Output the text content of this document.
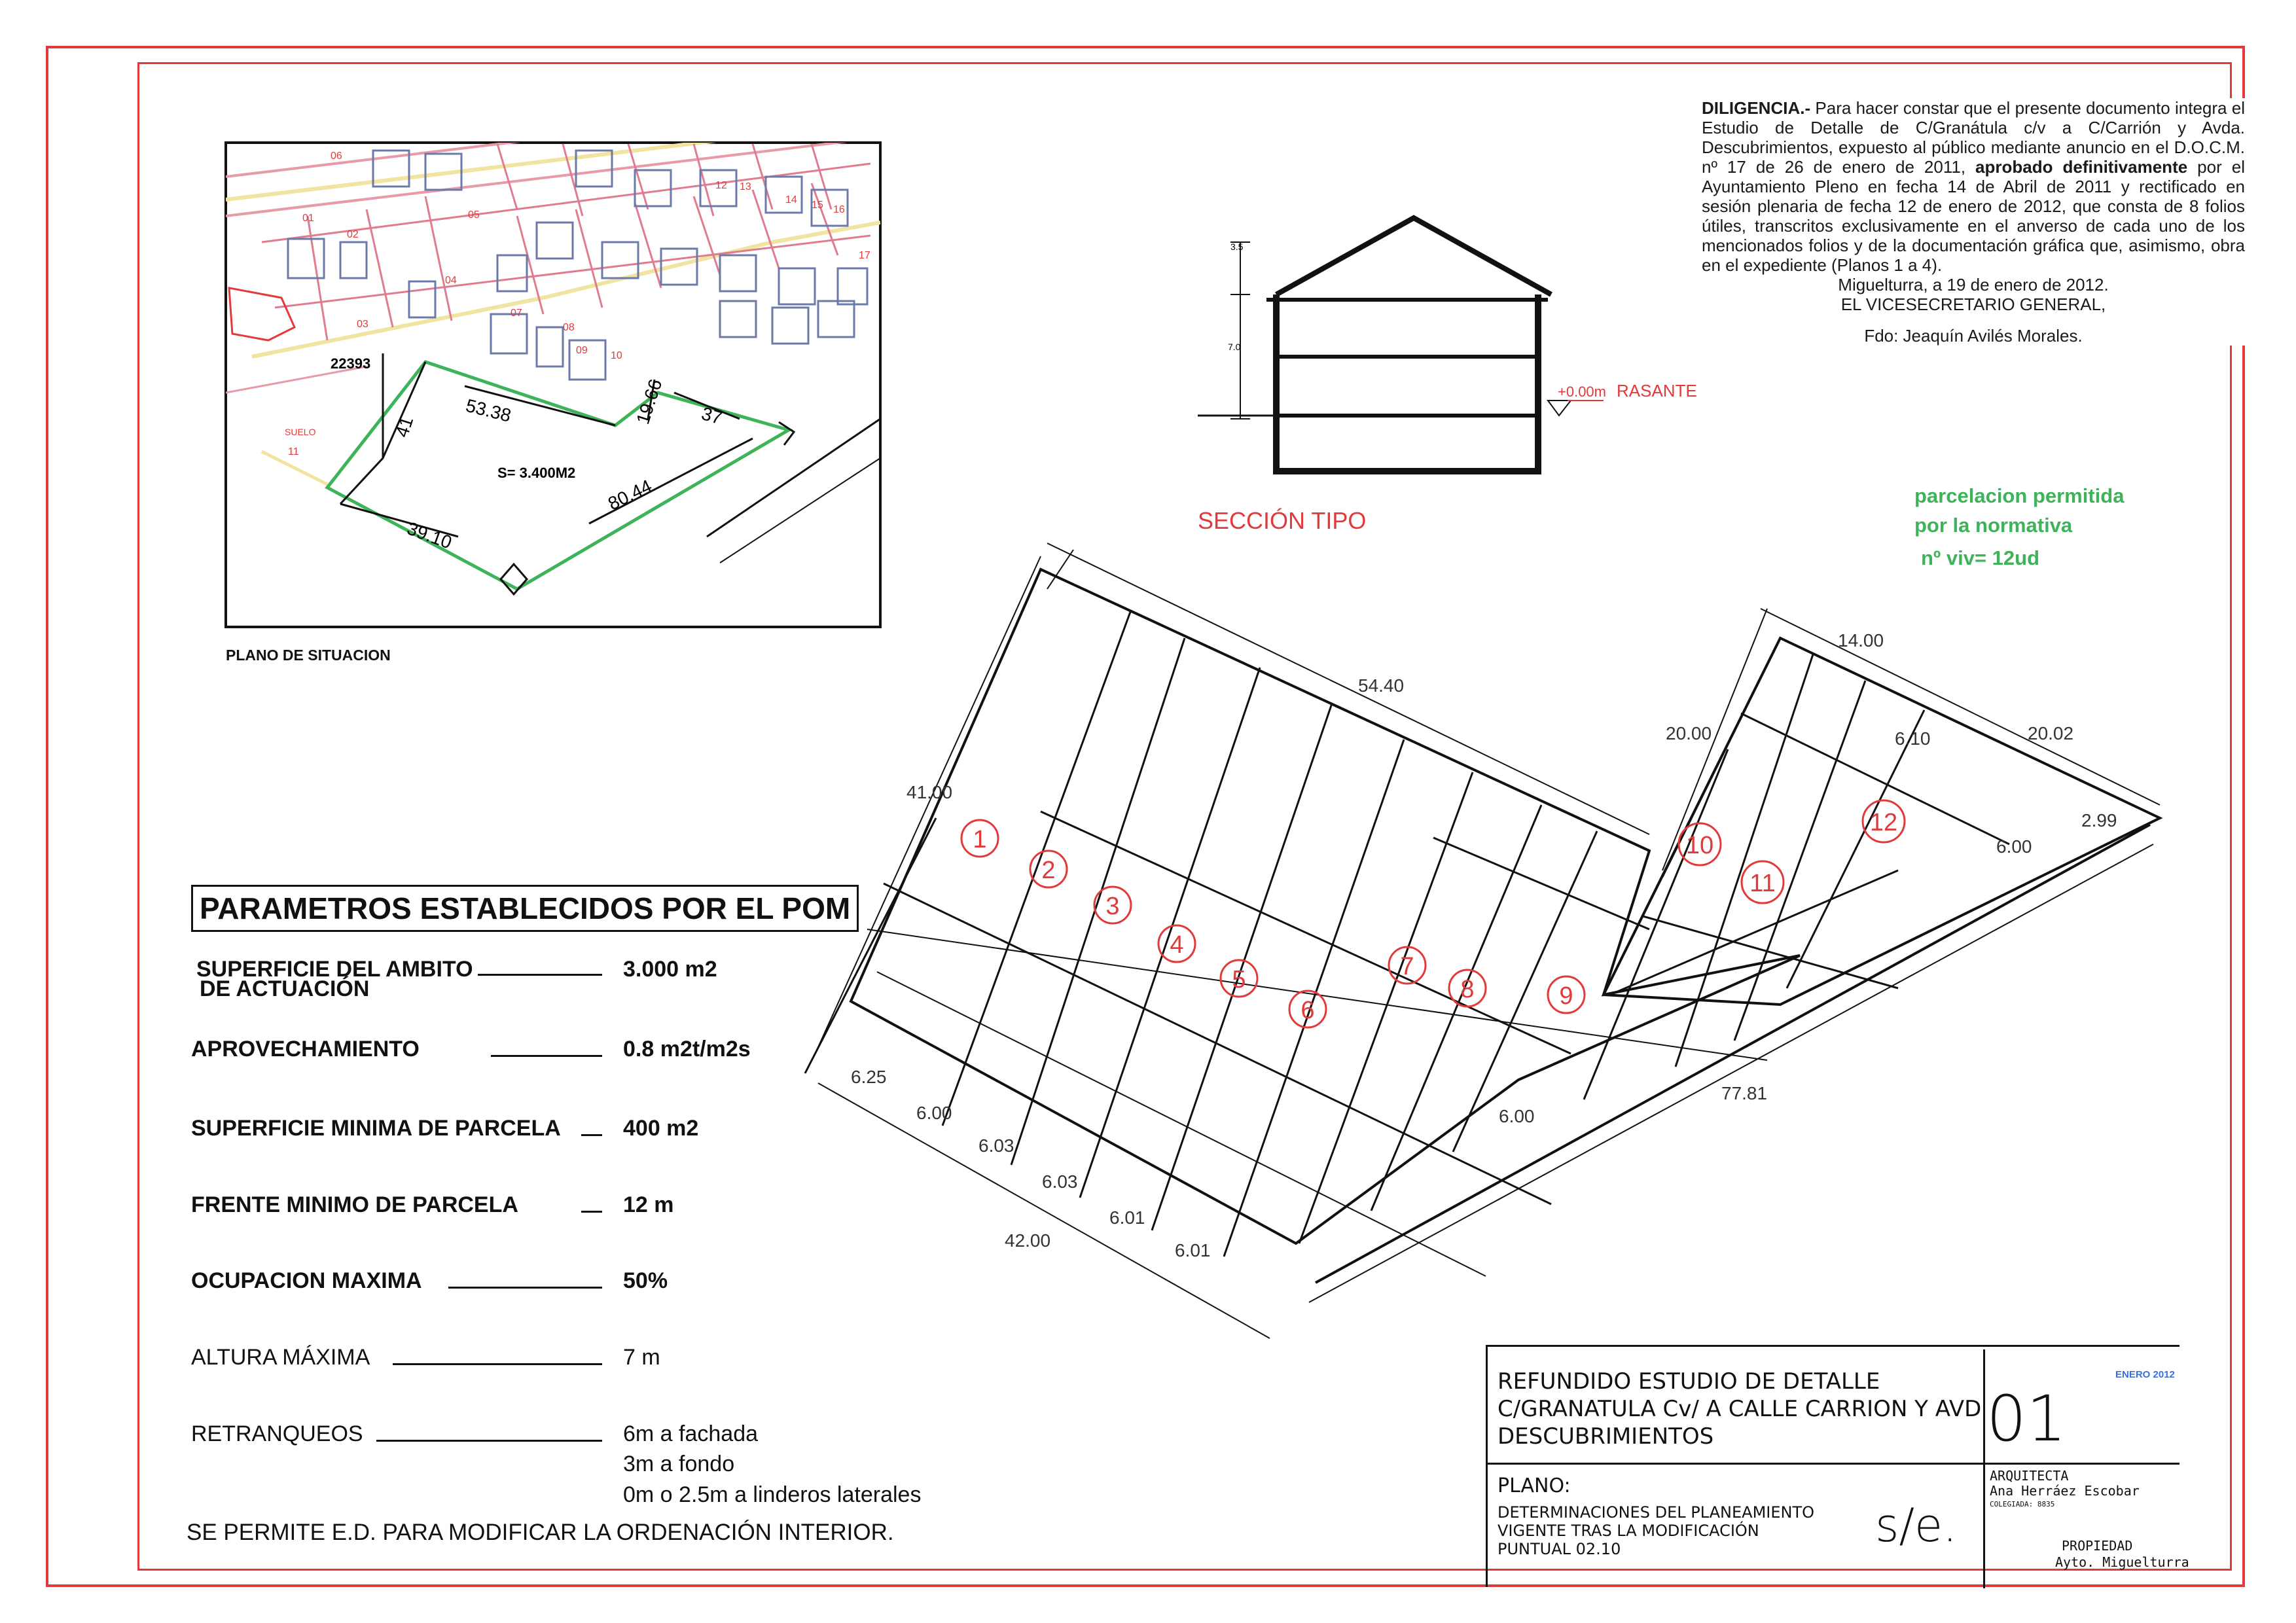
DILIGENCIA.- Para hacer constar que el presente documento integra el Estudio de Detalle de C/Granátula c/v a C/Carrión y Avda. Descubrimientos, expuesto al público mediante anuncio en el D.O.C.M. nº 17 de 26 de enero de 2011, aprobado definitivamente por el Ayuntamiento Pleno en fecha 14 de Abril de 2011 y rectificado en sesión plenaria de fecha 12 de enero de 2012, que consta de 8 folios útiles, transcritos exclusivamente en el anverso de cada uno de los mencionados folios y de la documentación gráfica que, asimismo, obra en el expediente (Planos 1 a 4).
Miguelturra, a 19 de enero de 2012.
EL VICESECRETARIO GENERAL,
Fdo: Jeaquín Avilés Morales.
22393
S= 3.400M2
53.38	19.66 37
41
39.10
80.44
06
05
01
02
03
04
07
08
09 10
12 13
14 15 16
17
11
SUELO
3.5
7.0
+0.00m RASANTE
1
2
3
4
5
6
7
8	9
10
11
12
54.40
41.00
42.00
77.81
6.25
6.00
6.03
6.03
6.01
6.01
6.00
20.00
14.00
6.10	20.02
2.99
6.00
PLANO DE SITUACION
SECCIÓN TIPO
parcelacion permitida
por la normativa
nº viv= 12ud
PARAMETROS ESTABLECIDOS POR EL POM
SUPERFICIE DEL AMBITO
DE ACTUACIÓN
3.000 m2
APROVECHAMIENTO	0.8 m2t/m2s
SUPERFICIE MINIMA DE PARCELA	400 m2
FRENTE MINIMO DE PARCELA	12 m
OCUPACION MAXIMA	50%
ALTURA MÁXIMA	7 m
RETRANQUEOS	6m a fachada
3m a fondo
0m o 2.5m a linderos laterales
SE PERMITE E.D. PARA MODIFICAR LA ORDENACIÓN INTERIOR.
REFUNDIDO ESTUDIO DE DETALLE
C/GRANATULA Cv/ A CALLE CARRION Y AVD
DESCUBRIMIENTOS	01
ENERO 2012
PLANO:
DETERMINACIONES DEL PLANEAMIENTO
VIGENTE TRAS LA MODIFICACIÓN
PUNTUAL 02.10	s/e.
ARQUITECTA
Ana Herráez Escobar
COLEGIADA: 8835
PROPIEDAD
Ayto. Miguelturra
